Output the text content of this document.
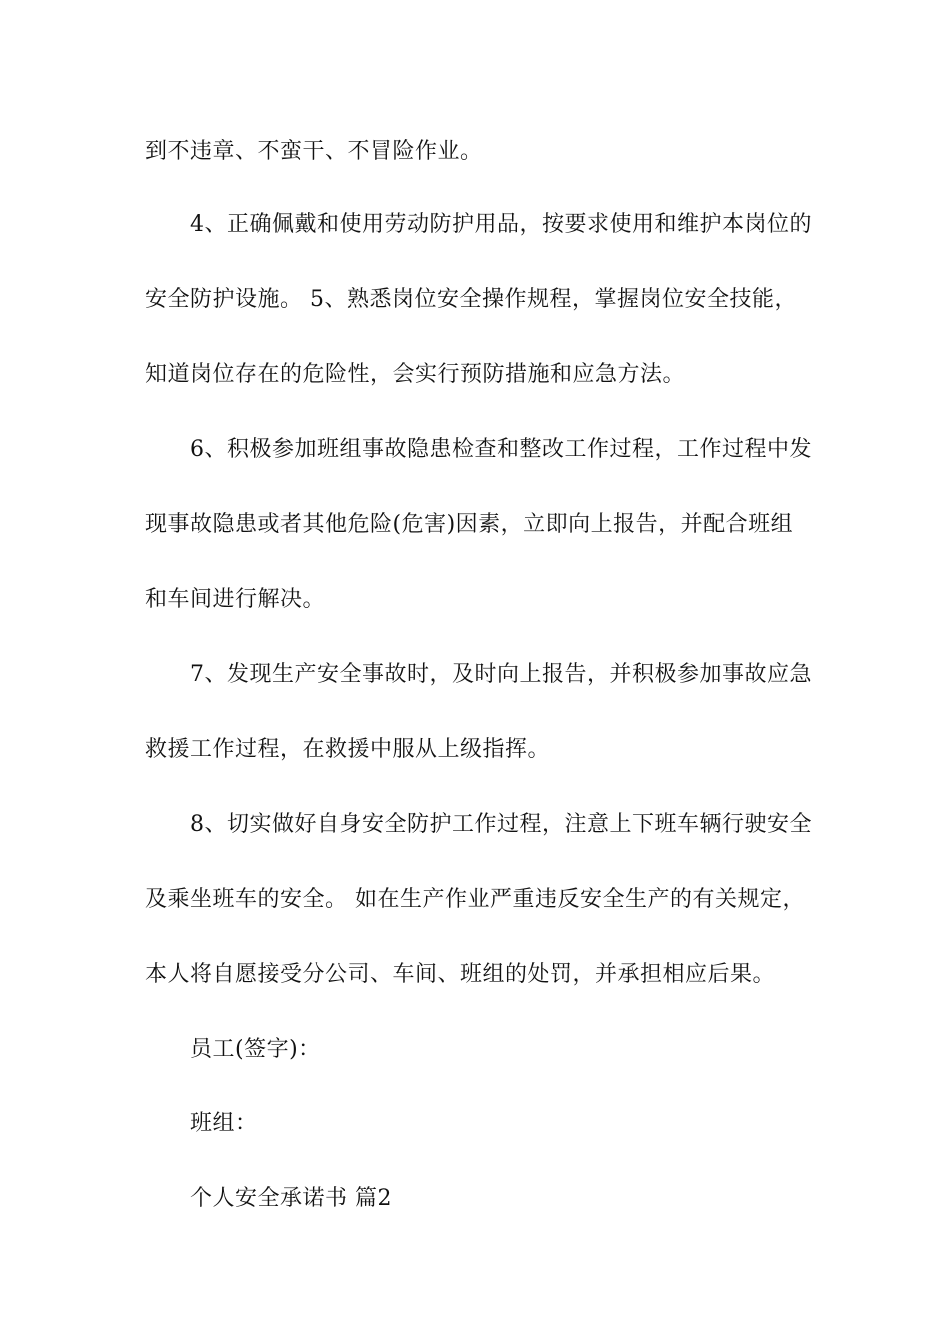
到不违章、不蛮干、不冒险作业。
4、正确佩戴和使用劳动防护用品，按要求使用和维护本岗位的
安全防护设施。 5、熟悉岗位安全操作规程，掌握岗位安全技能，
知道岗位存在的危险性，会实行预防措施和应急方法。
6、积极参加班组事故隐患检查和整改工作过程，工作过程中发
现事故隐患或者其他危险(危害)因素，立即向上报告，并配合班组
和车间进行解决。
7、发现生产安全事故时，及时向上报告，并积极参加事故应急
救援工作过程，在救援中服从上级指挥。
8、切实做好自身安全防护工作过程，注意上下班车辆行驶安全
及乘坐班车的安全。 如在生产作业严重违反安全生产的有关规定，
本人将自愿接受分公司、车间、班组的处罚，并承担相应后果。
员工(签字)：
班组：
个人安全承诺书 篇2
